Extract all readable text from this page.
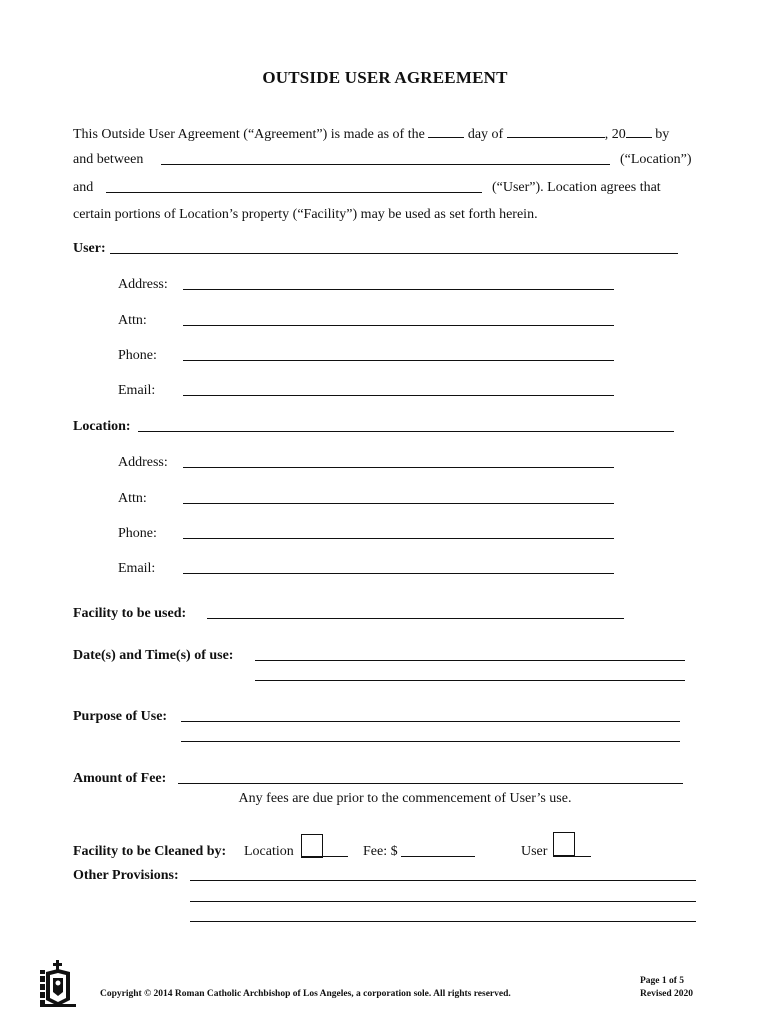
OUTSIDE USER AGREEMENT
This Outside User Agreement (“Agreement”) is made as of the	day of	, 20 by
and between	(“Location”)
and	(“User”). Location agrees that
certain portions of Location’s property (“Facility”) may be used as set forth herein.
User:
Address:
Attn:
Phone:
Email:
Location:
Address:
Attn:
Phone:
Email:
Facility to be used:
Date(s) and Time(s) of use:
Purpose of Use:
Amount of Fee:
Any fees are due prior to the commencement of User’s use.
Facility to be Cleaned by: Location	Fee: $	User
Other Provisions:
Copyright © 2014 Roman Catholic Archbishop of Los Angeles, a corporation sole. All rights reserved.
Page 1 of 5
Revised 2020
